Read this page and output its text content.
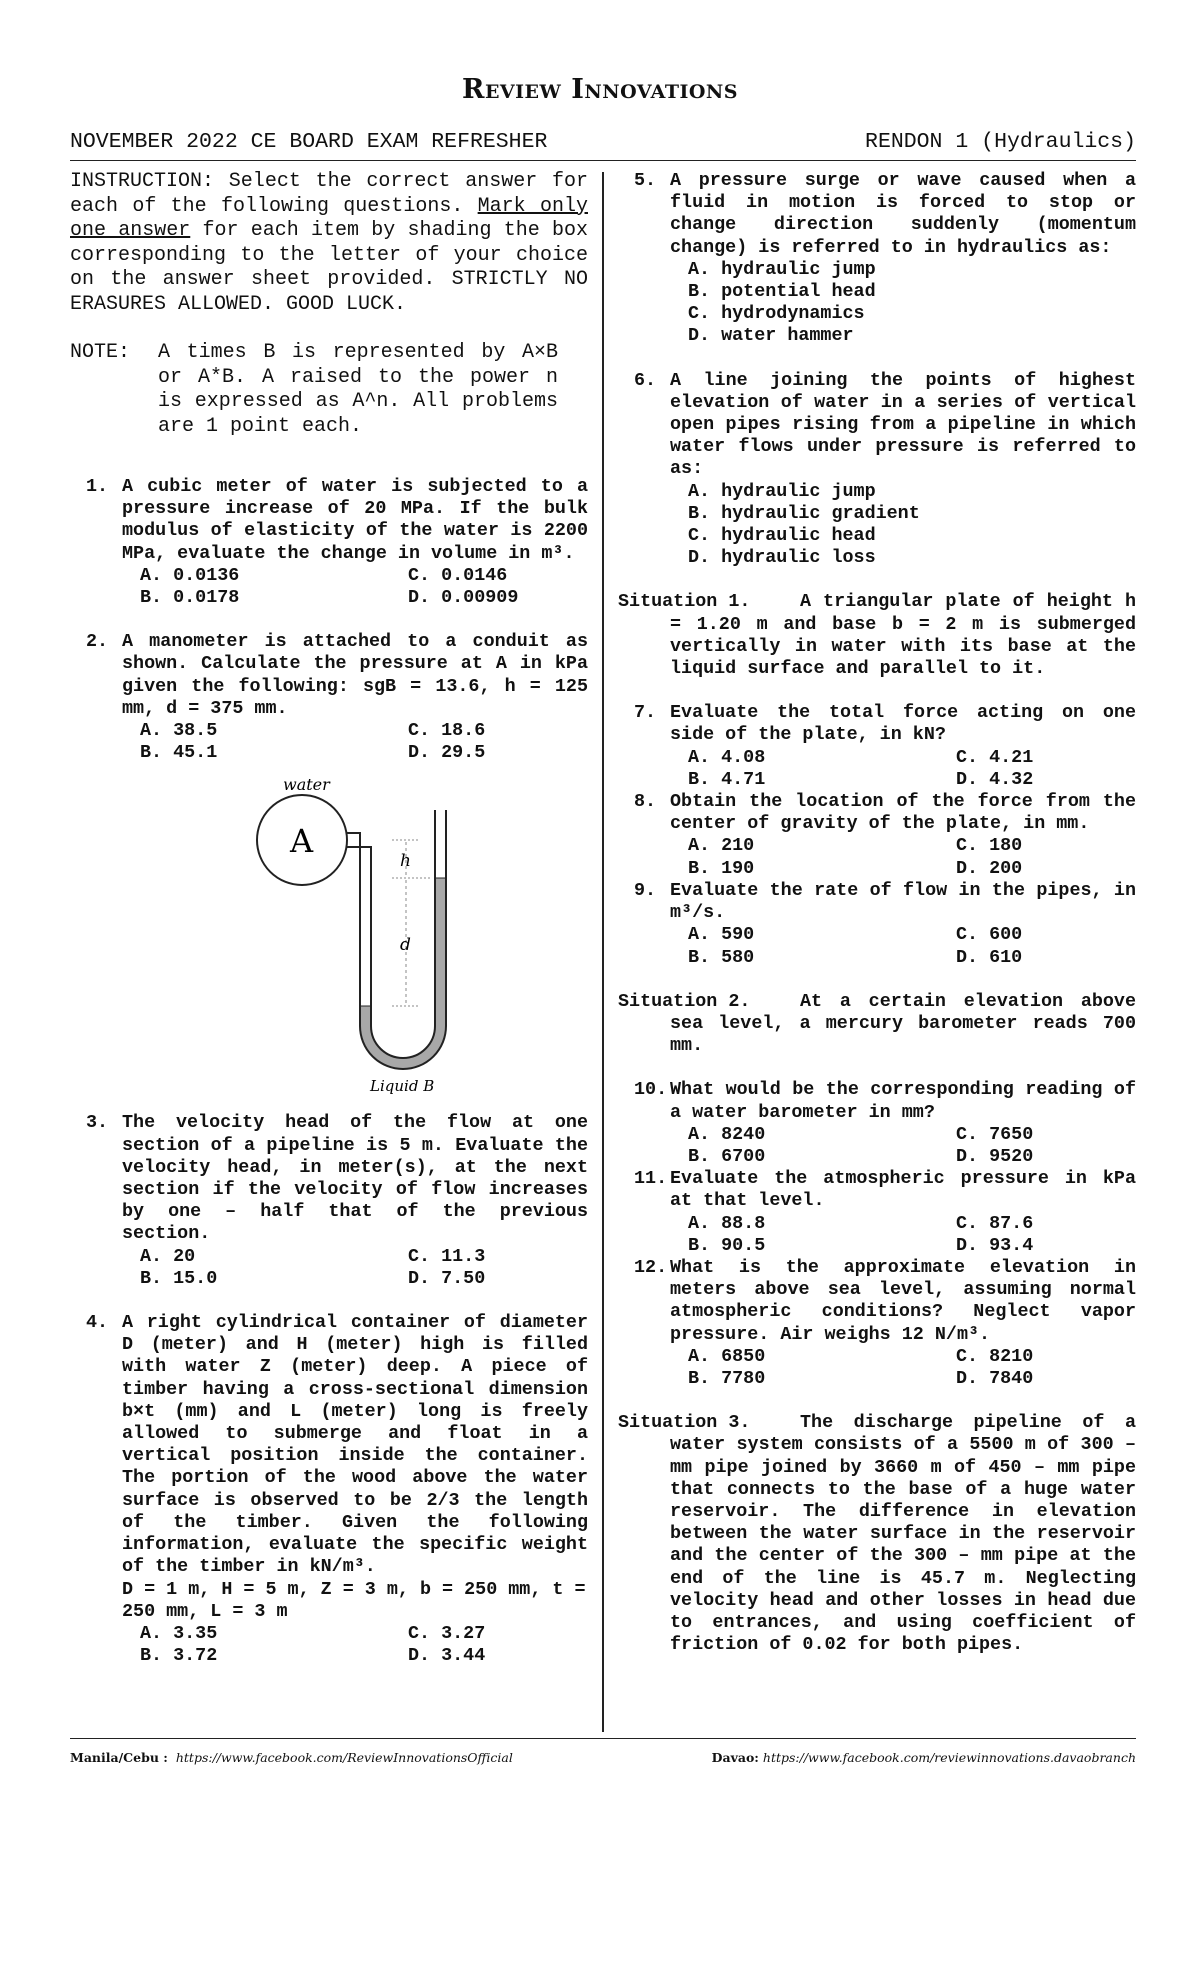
Review Innovations
NOVEMBER 2022 CE BOARD EXAM REFRESHER	RENDON 1 (Hydraulics)
INSTRUCTION: Select the correct answer for each of the following questions. Mark only one answer for each item by shading the box corresponding to the letter of your choice on the answer sheet provided. STRICTLY NO ERASURES ALLOWED. GOOD LUCK.
NOTE: A times B is represented by A×B or A*B. A raised to the power n is expressed as A^n. All problems are 1 point each.
1. A cubic meter of water is subjected to a pressure increase of 20 MPa. If the bulk modulus of elasticity of the water is 2200 MPa, evaluate the change in volume in m³.
A. 0.0136	C. 0.0146
B. 0.0178	D. 0.00909
2. A manometer is attached to a conduit as shown. Calculate the pressure at A in kPa given the following: sgB = 13.6, h = 125 mm, d = 375 mm.
A. 38.5	C. 18.6
B. 45.1	D. 29.5
water
A
h
d
Liquid B
3. The velocity head of the flow at one section of a pipeline is 5 m. Evaluate the velocity head, in meter(s), at the next section if the velocity of flow increases by one – half that of the previous section.
A. 20	C. 11.3
B. 15.0	D. 7.50
4. A right cylindrical container of diameter D (meter) and H (meter) high is filled with water Z (meter) deep. A piece of timber having a cross-sectional dimension b×t (mm) and L (meter) long is freely allowed to submerge and float in a vertical position inside the container. The portion of the wood above the water surface is observed to be 2/3 the length of the timber. Given the following information, evaluate the specific weight of the timber in kN/m³.
D = 1 m, H = 5 m, Z = 3 m, b = 250 mm, t = 250 mm, L = 3 m
A. 3.35	C. 3.27
B. 3.72	D. 3.44
5. A pressure surge or wave caused when a fluid in motion is forced to stop or change direction suddenly (momentum change) is referred to in hydraulics as:
A. hydraulic jump
B. potential head
C. hydrodynamics
D. water hammer
6. A line joining the points of highest elevation of water in a series of vertical open pipes rising from a pipeline in which water flows under pressure is referred to as:
A. hydraulic jump
B. hydraulic gradient
C. hydraulic head
D. hydraulic loss
Situation 1.	A triangular plate of height h = 1.20 m and base b = 2 m is submerged vertically in water with its base at the liquid surface and parallel to it.
7. Evaluate the total force acting on one side of the plate, in kN?
A. 4.08	C. 4.21
B. 4.71	D. 4.32
8. Obtain the location of the force from the center of gravity of the plate, in mm.
A. 210	C. 180
B. 190	D. 200
9. Evaluate the rate of flow in the pipes, in m³/s.
A. 590	C. 600
B. 580	D. 610
Situation 2.	At a certain elevation above sea level, a mercury barometer reads 700 mm.
10. What would be the corresponding reading of a water barometer in mm?
A. 8240	C. 7650
B. 6700	D. 9520
11. Evaluate the atmospheric pressure in kPa at that level.
A. 88.8	C. 87.6
B. 90.5	D. 93.4
12. What is the approximate elevation in meters above sea level, assuming normal atmospheric conditions? Neglect vapor pressure. Air weighs 12 N/m³.
A. 6850	C. 8210
B. 7780	D. 7840
Situation 3.	The discharge pipeline of a water system consists of a 5500 m of 300 – mm pipe joined by 3660 m of 450 – mm pipe that connects to the base of a huge water reservoir. The difference in elevation between the water surface in the reservoir and the center of the 300 – mm pipe at the end of the line is 45.7 m. Neglecting velocity head and other losses in head due to entrances, and using coefficient of friction of 0.02 for both pipes.
Manila/Cebu : https://www.facebook.com/ReviewInnovationsOfficial	Davao: https://www.facebook.com/reviewinnovations.davaobranch
